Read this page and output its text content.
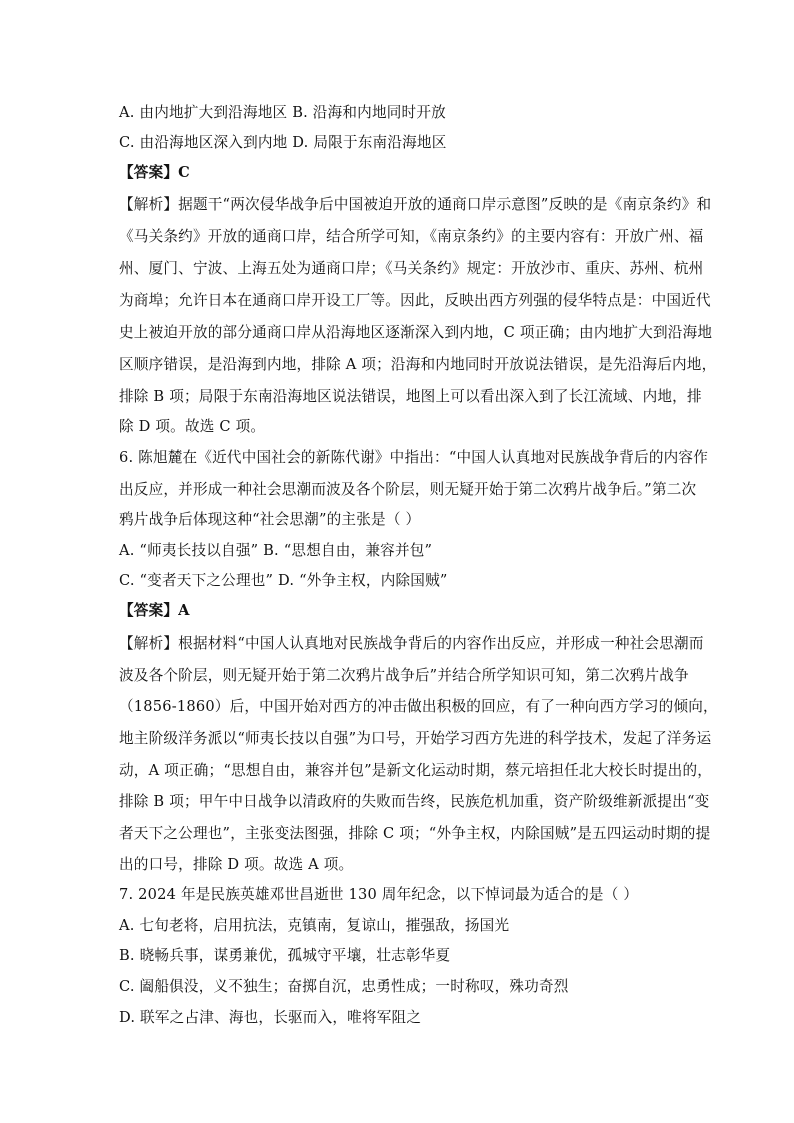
A. 由内地扩大到沿海地区 B. 沿海和内地同时开放
C. 由沿海地区深入到内地 D. 局限于东南沿海地区
【答案】C
【解析】据题干“两次侵华战争后中国被迫开放的通商口岸示意图”反映的是《南京条约》和
《马关条约》开放的通商口岸，结合所学可知，《南京条约》的主要内容有：开放广州、福
州、厦门、宁波、上海五处为通商口岸；《马关条约》规定：开放沙市、重庆、苏州、杭州
为商埠；允许日本在通商口岸开设工厂等。因此，反映出西方列强的侵华特点是：中国近代
史上被迫开放的部分通商口岸从沿海地区逐渐深入到内地，C 项正确；由内地扩大到沿海地
区顺序错误，是沿海到内地，排除 A 项；沿海和内地同时开放说法错误，是先沿海后内地，
排除 B 项；局限于东南沿海地区说法错误，地图上可以看出深入到了长江流域、内地，排
除 D 项。故选 C 项。
6. 陈旭麓在《近代中国社会的新陈代谢》中指出：“中国人认真地对民族战争背后的内容作
出反应，并形成一种社会思潮而波及各个阶层，则无疑开始于第二次鸦片战争后。”第二次
鸦片战争后体现这种“社会思潮”的主张是（ ）
A. “师夷长技以自强” B. “思想自由，兼容并包”
C. “变者天下之公理也” D. “外争主权，内除国贼”
【答案】A
【解析】根据材料“中国人认真地对民族战争背后的内容作出反应，并形成一种社会思潮而
波及各个阶层，则无疑开始于第二次鸦片战争后”并结合所学知识可知，第二次鸦片战争
（1856-1860）后，中国开始对西方的冲击做出积极的回应，有了一种向西方学习的倾向，
地主阶级洋务派以“师夷长技以自强”为口号，开始学习西方先进的科学技术，发起了洋务运
动，A 项正确；“思想自由，兼容并包”是新文化运动时期，蔡元培担任北大校长时提出的，
排除 B 项；甲午中日战争以清政府的失败而告终，民族危机加重，资产阶级维新派提出“变
者天下之公理也”，主张变法图强，排除 C 项；“外争主权，内除国贼”是五四运动时期的提
出的口号，排除 D 项。故选 A 项。
7. 2024 年是民族英雄邓世昌逝世 130 周年纪念，以下悼词最为适合的是（ ）
A. 七旬老将，启用抗法，克镇南，复谅山，摧强敌，扬国光
B. 晓畅兵事，谋勇兼优，孤城守平壤，壮志彰华夏
C. 阖船俱没，义不独生；奋掷自沉，忠勇性成；一时称叹，殊功奇烈
D. 联军之占津、海也，长驱而入，唯将军阻之
